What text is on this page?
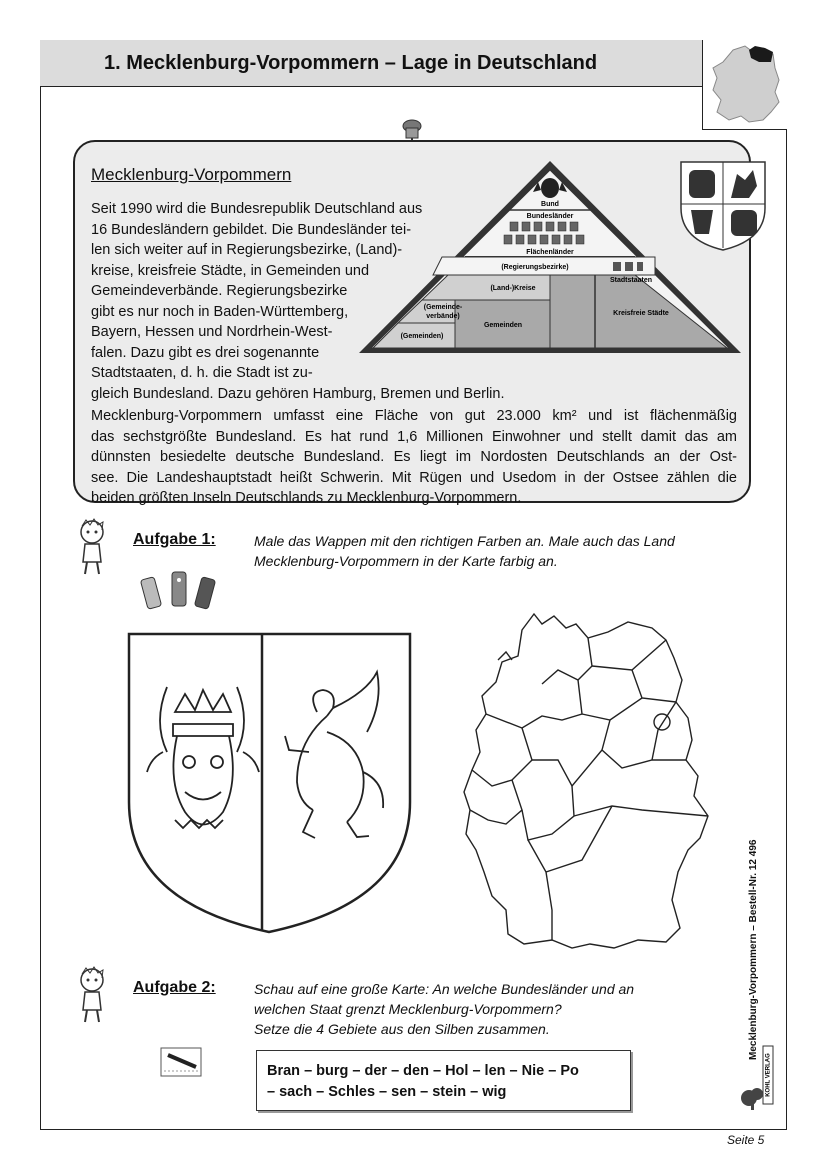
1. Mecklenburg-Vorpommern – Lage in Deutschland
Mecklenburg-Vorpommern
Seit 1990 wird die Bundesrepublik Deutschland aus
16 Bundesländern gebildet. Die Bundesländer tei-
len sich weiter auf in Regierungsbezirke, (Land)-
kreise, kreisfreie Städte, in Gemeinden und
Gemeindeverbände. Regierungsbezirke
gibt es nur noch in Baden-Württemberg,
Bayern, Hessen und Nordrhein-West-
falen. Dazu gibt es drei sogenannte
Stadtstaaten, d. h. die Stadt ist zu-
gleich Bundesland. Dazu gehören Hamburg, Bremen und Berlin.
Mecklenburg-Vorpommern umfasst eine Fläche von gut 23.000 km² und ist flächenmäßig
das sechstgrößte Bundesland. Es hat rund 1,6 Millionen Einwohner und stellt damit das am
dünnsten besiedelte deutsche Bundesland. Es liegt im Nordosten Deutschlands an der Ost-
see. Die Landeshauptstadt heißt Schwerin. Mit Rügen und Usedom in der Ostsee zählen die
beiden größten Inseln Deutschlands zu Mecklenburg-Vorpommern.
Bund
Bundesländer
Flächenländer
(Regierungsbezirke)
Stadtstaaten
(Land-)Kreise
(Gemeinde-
verbände)
(Gemeinden)
Gemeinden
Kreisfreie Städte
Aufgabe 1:	Male das Wappen mit den richtigen Farben an. Male auch das Land
Mecklenburg-Vorpommern in der Karte farbig an.
Aufgabe 2:	Schau auf eine große Karte: An welche Bundesländer und an
welchen Staat grenzt Mecklenburg-Vorpommern?
Setze die 4 Gebiete aus den Silben zusammen.
Bran – burg – der – den – Hol – len – Nie – Po
– sach – Schles – sen – stein – wig
Mecklenburg-Vorpommern – Bestell-Nr. 12 496
KOHL VERLAG
Seite 5
